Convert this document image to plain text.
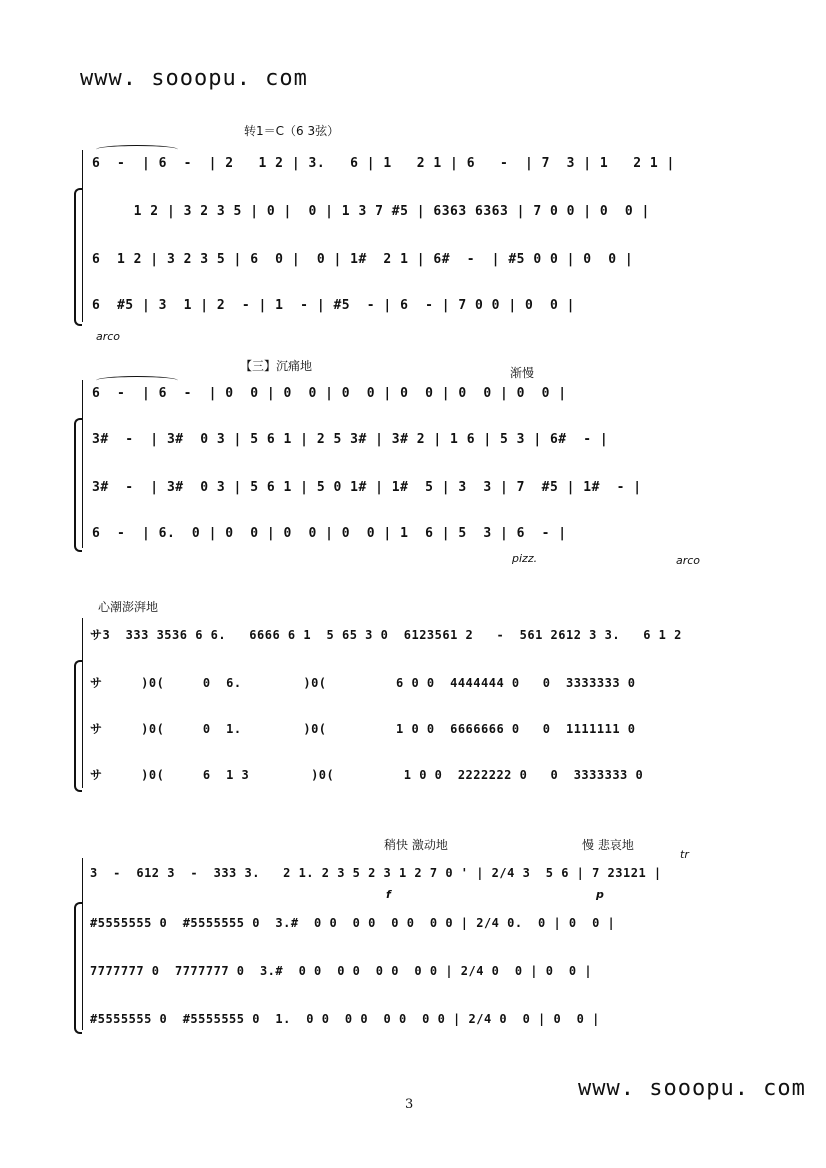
www. sooopu. com
转1＝C（6 3弦）
6  -  | 6  -  | 2   1 2 | 3.   6 | 1   2 1 | 6   -  | 7  3 | 1   2 1 |
1 2 | 3 2 3 5 | 0 |  0 | 1 3 7 #5 | 6363 6363 | 7 0 0 | 0  0 |
6  1 2 | 3 2 3 5 | 6  0 |  0 | 1#  2 1 | 6#  -  | #5 0 0 | 0  0 |
6  #5 | 3  1 | 2  - | 1  - | #5  - | 6  - | 7 0 0 | 0  0 |
arco
【三】沉痛地	渐慢
6  -  | 6  -  | 0  0 | 0  0 | 0  0 | 0  0 | 0  0 | 0  0 |
3#  -  | 3#  0 3 | 5 6 1 | 2 5 3# | 3# 2 | 1 6 | 5 3 | 6#  - |
3#  -  | 3#  0 3 | 5 6 1 | 5 0 1# | 1#  5 | 3  3 | 7  #5 | 1#  - |
6  -  | 6.  0 | 0  0 | 0  0 | 0  0 | 1  6 | 5  3 | 6  - |
pizz.	arco
心潮澎湃地
サ3  333 3536 6 6.   6666 6 1  5 65 3 0  6123561 2   -  561 2612 3 3.   6 1 2
サ     )0(     0  6.        )0(         6 0 0  4444444 0   0  3333333 0
サ     )0(     0  1.        )0(         1 0 0  6666666 0   0  1111111 0
サ     )0(     6  1 3        )0(         1 0 0  2222222 0   0  3333333 0
稍快 激动地	慢 悲哀地
tr
3  -  612 3  -  333 3.   2 1. 2 3 5 2 3 1 2 7 0 ' | 2/4 3  5 6 | 7 23121 |
f	p
#5555555 0  #5555555 0  3.#  0 0  0 0  0 0  0 0 | 2/4 0.  0 | 0  0 |
7777777 0  7777777 0  3.#  0 0  0 0  0 0  0 0 | 2/4 0  0 | 0  0 |
#5555555 0  #5555555 0  1.  0 0  0 0  0 0  0 0 | 2/4 0  0 | 0  0 |
www. sooopu. com
3
